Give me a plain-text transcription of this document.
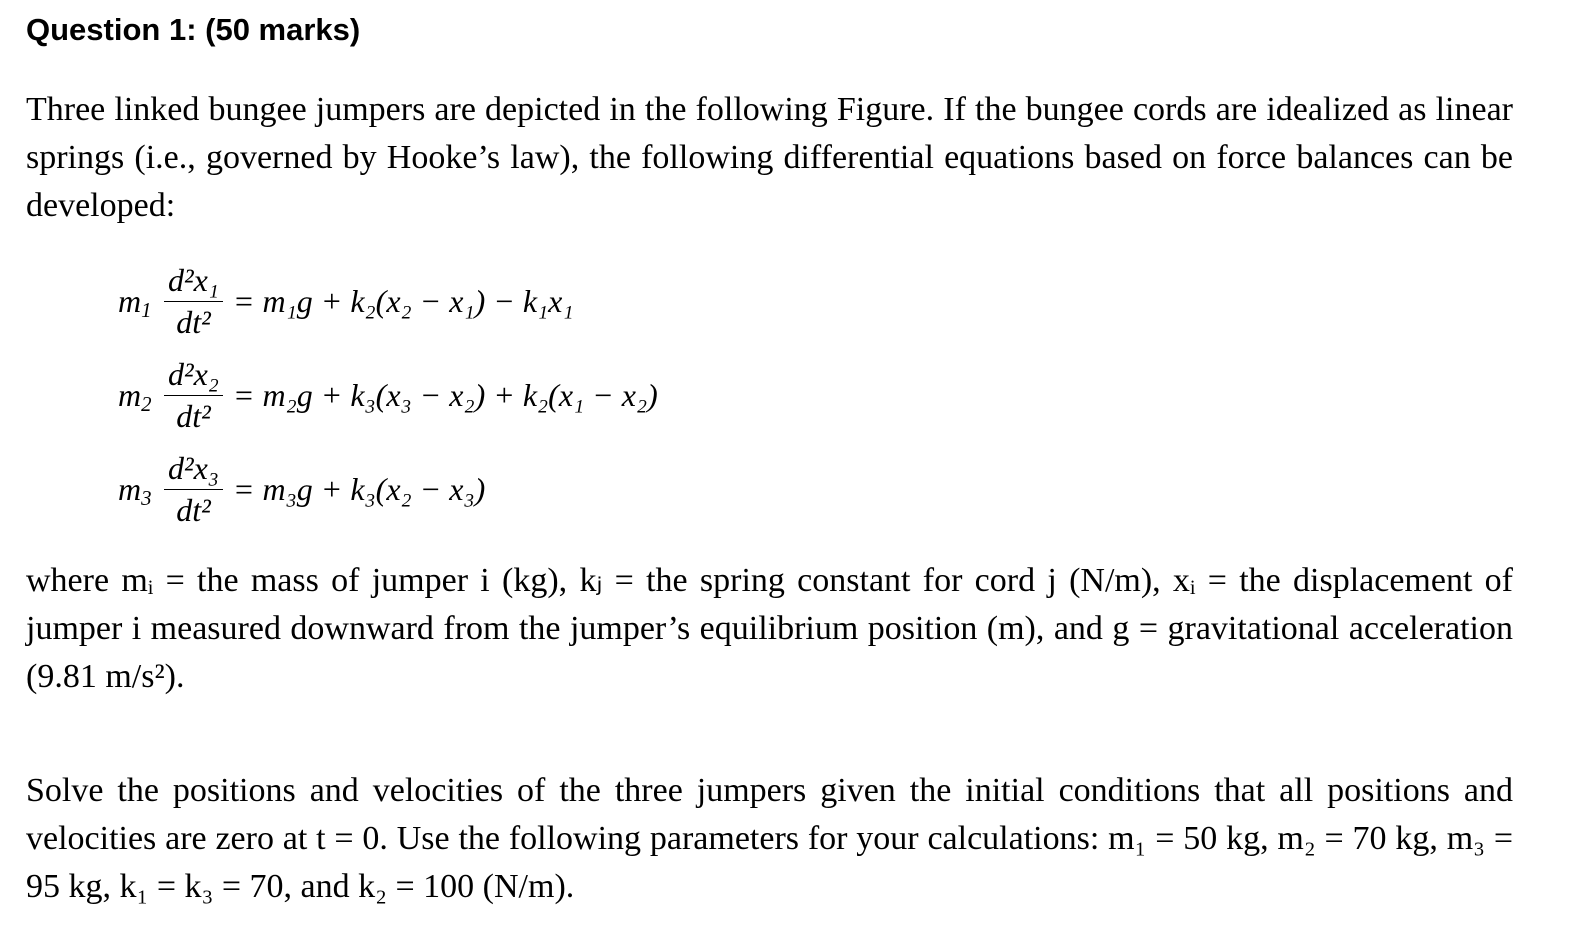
Question 1: (50 marks)
Three linked bungee jumpers are depicted in the following Figure. If the bungee cords are idealized as linear springs (i.e., governed by Hooke’s law), the following differential equations based on force balances can be developed:
$m_1 \frac{\text{d²x₁}}{\text{dt²}} = m_1g + k_2(x_2 - x_1) - k_1x_1$
$m_2 \frac{\text{d²x₂}}{\text{dt²}} = m_2g + k_3(x_3 - x_2) + k_2(x_1 - x_2)$
$m_3 \frac{\text{d²x₃}}{\text{dt²}} = m_3g + k_3(x_2 - x_3)$
where mᵢ = the mass of jumper i (kg), kⱼ = the spring constant for cord j (N/m), xᵢ = the displacement of jumper i measured downward from the jumper’s equilibrium position (m), and g = gravitational acceleration (9.81 m/s²).
Solve the positions and velocities of the three jumpers given the initial conditions that all positions and velocities are zero at t = 0. Use the following parameters for your calculations: m₁ = 50 kg, m₂ = 70 kg, m₃ = 95 kg, k₁ = k₃ = 70, and k₂ = 100 (N/m).
